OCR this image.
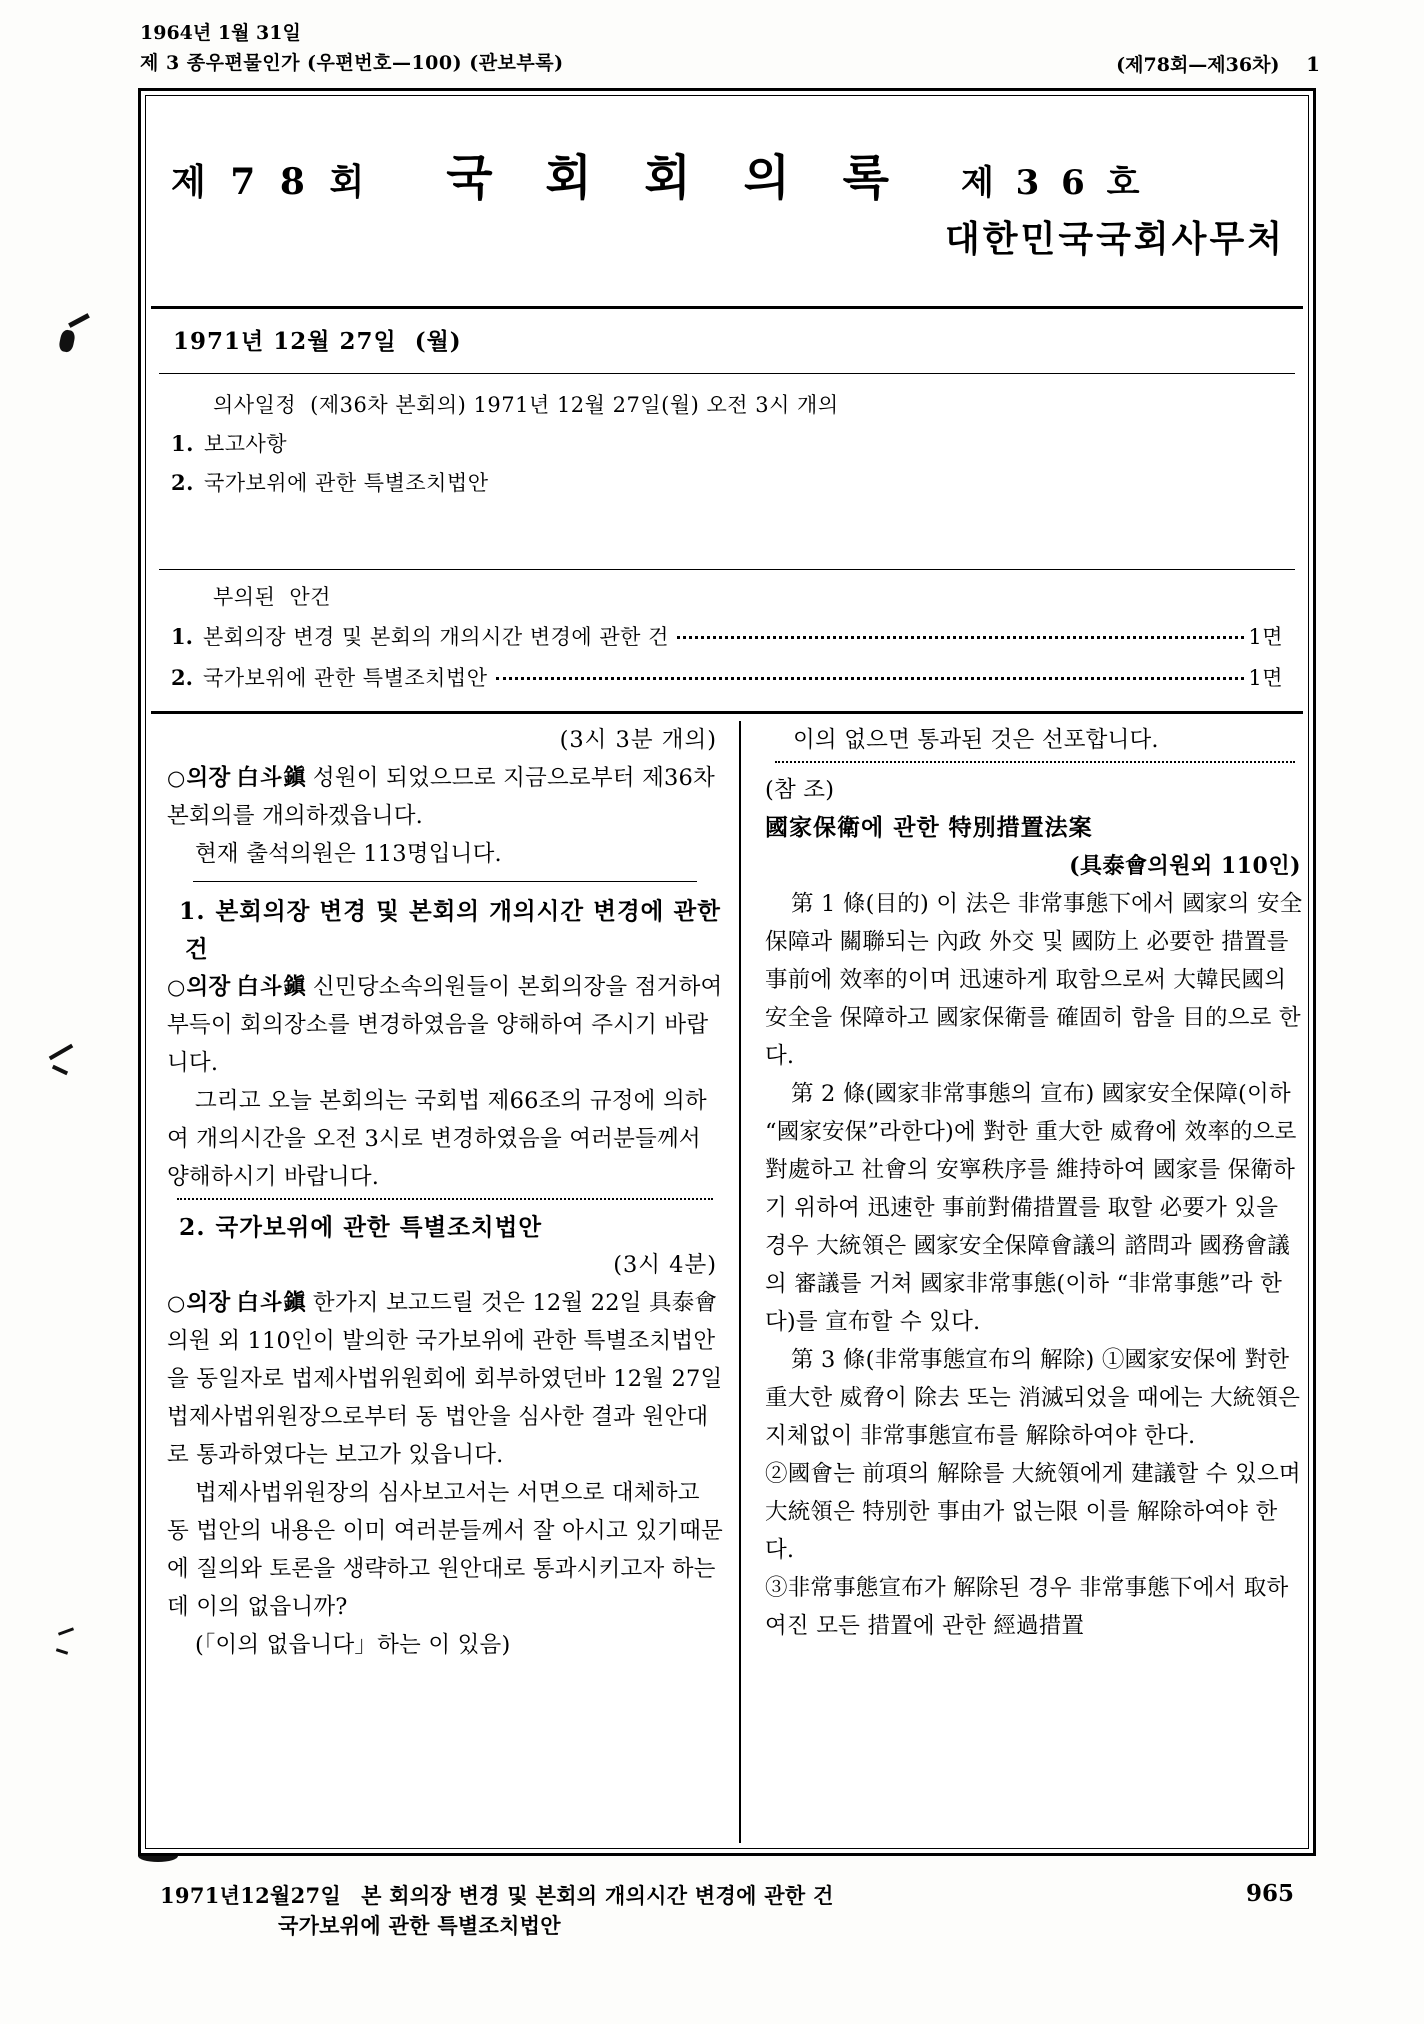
1964년 1월 31일
제 3 종우편물인가 (우편번호—100) (관보부록)	(제78회—제36차) 1
제 7 8 회 국 회 회 의 록 제 3 6 호
대한민국국회사무처
1971년 12월 27일 (월)
의사일정 (제36차 본회의) 1971년 12월 27일(월) 오전 3시 개의
1. 보고사항
2. 국가보위에 관한 특별조치법안
부의된 안건
1. 본회의장 변경 및 본회의 개의시간 변경에 관한 건	1면
2. 국가보위에 관한 특별조치법안	1면
(3시 3분 개의)
○의장 白斗鎭 성원이 되었으므로 지금으로부터 제36차 본회의를 개의하겠읍니다.
현재 출석의원은 113명입니다.
1. 본회의장 변경 및 본회의 개의시간 변경에 관한 건
○의장 白斗鎭 신민당소속의원들이 본회의장을 점거하여 부득이 회의장소를 변경하였음을 양해하여 주시기 바랍니다.
그리고 오늘 본회의는 국회법 제66조의 규정에 의하여 개의시간을 오전 3시로 변경하였음을 여러분들께서 양해하시기 바랍니다.
2. 국가보위에 관한 특별조치법안
(3시 4분)
○의장 白斗鎭 한가지 보고드릴 것은 12월 22일 具泰會의원 외 110인이 발의한 국가보위에 관한 특별조치법안을 동일자로 법제사법위원회에 회부하였던바 12월 27일 법제사법위원장으로부터 동 법안을 심사한 결과 원안대로 통과하였다는 보고가 있읍니다.
법제사법위원장의 심사보고서는 서면으로 대체하고 동 법안의 내용은 이미 여러분들께서 잘 아시고 있기때문에 질의와 토론을 생략하고 원안대로 통과시키고자 하는데 이의 없읍니까?
(「이의 없읍니다」하는 이 있음)
이의 없으면 통과된 것은 선포합니다.
(참 조)
國家保衛에 관한 特別措置法案
(具泰會의원외 110인)
第 1 條(目的) 이 法은 非常事態下에서 國家의 安全保障과 關聯되는 內政 外交 및 國防上 必要한 措置를 事前에 效率的이며 迅速하게 取함으로써 大韓民國의 安全을 保障하고 國家保衛를 確固히 함을 目的으로 한다.
第 2 條(國家非常事態의 宣布) 國家安全保障(이하 “國家安保”라한다)에 對한 重大한 威脅에 效率的으로 對處하고 社會의 安寧秩序를 維持하여 國家를 保衛하기 위하여 迅速한 事前對備措置를 取할 必要가 있을 경우 大統領은 國家安全保障會議의 諮問과 國務會議의 審議를 거쳐 國家非常事態(이하 “非常事態”라 한다)를 宣布할 수 있다.
第 3 條(非常事態宣布의 解除) ①國家安保에 對한 重大한 威脅이 除去 또는 消滅되었을 때에는 大統領은 지체없이 非常事態宣布를 解除하여야 한다.
②國會는 前項의 解除를 大統領에게 建議할 수 있으며 大統領은 特別한 事由가 없는限 이를 解除하여야 한다.
③非常事態宣布가 解除된 경우 非常事態下에서 取하여진 모든 措置에 관한 經過措置
1971년12월27일 본 회의장 변경 및 본회의 개의시간 변경에 관한 건
국가보위에 관한 특별조치법안
965
